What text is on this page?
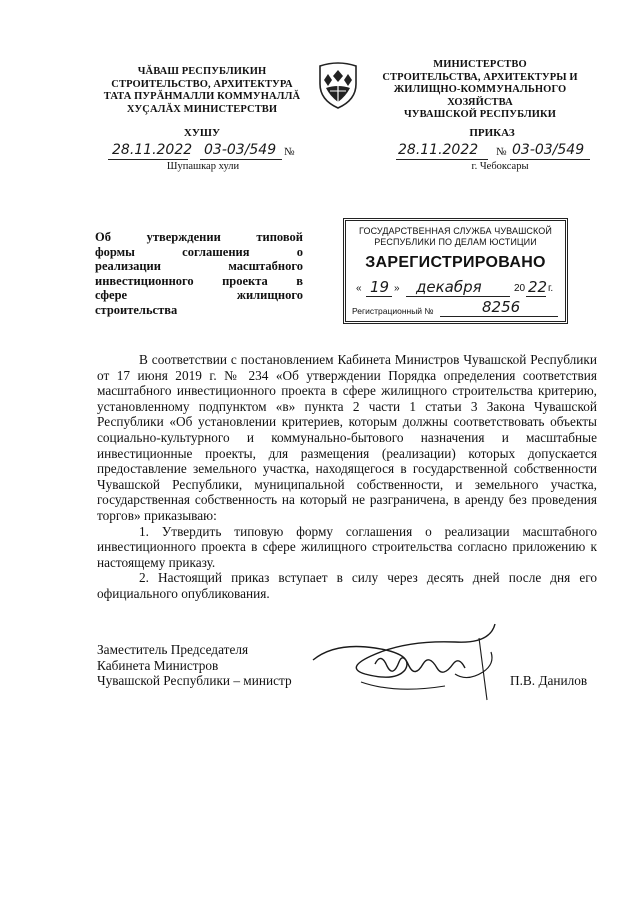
ЧĂВАШ РЕСПУБЛИКИН
СТРОИТЕЛЬСТВО, АРХИТЕКТУРА
ТАТА ПУРĂНМАЛЛИ КОММУНАЛЛĂ
ХУÇАЛĂХ МИНИСТЕРСТВИ
ХУШУ
28.11.2022 03-03/549 №
Шупашкар хули
МИНИСТЕРСТВО
СТРОИТЕЛЬСТВА, АРХИТЕКТУРЫ И
ЖИЛИЩНО-КОММУНАЛЬНОГО ХОЗЯЙСТВА
ЧУВАШСКОЙ РЕСПУБЛИКИ
ПРИКАЗ
28.11.2022 № 03-03/549
г. Чебоксары
Об	утверждении	типовой
формы	соглашения	о
реализации	масштабного
инвестиционного проекта в
сфере	жилищного
строительства
ГОСУДАРСТВЕННАЯ СЛУЖБА ЧУВАШСКОЙ
РЕСПУБЛИКИ ПО ДЕЛАМ ЮСТИЦИИ
ЗАРЕГИСТРИРОВАНО
« 19 » декабря	20 22 г.
Регистрационный №	8256

В соответствии с постановлением Кабинета Министров Чувашской Республики от 17 июня 2019 г. № 234 «Об утверждении Порядка определения соответствия масштабного инвестиционного проекта в сфере жилищного строительства критерию, установленному подпунктом «в» пункта 2 части 1 статьи 3 Закона Чувашской Республики «Об установлении критериев, которым должны соответствовать объекты социально-культурного и коммунально-бытового назначения и масштабные инвестиционные проекты, для размещения (реализации) которых допускается предоставление земельного участка, находящегося в государственной собственности Чувашской Республики, муниципальной собственности, и земельного участка, государственная собственность на который не разграничена, в аренду без проведения торгов» приказываю:

1. Утвердить типовую форму соглашения о реализации масштабного инвестиционного проекта в сфере жилищного строительства согласно приложению к настоящему приказу.

2. Настоящий приказ вступает в силу через десять дней после дня его официального опубликования.

Заместитель Председателя
Кабинета Министров
Чувашской Республики – министр	П.В. Данилов
